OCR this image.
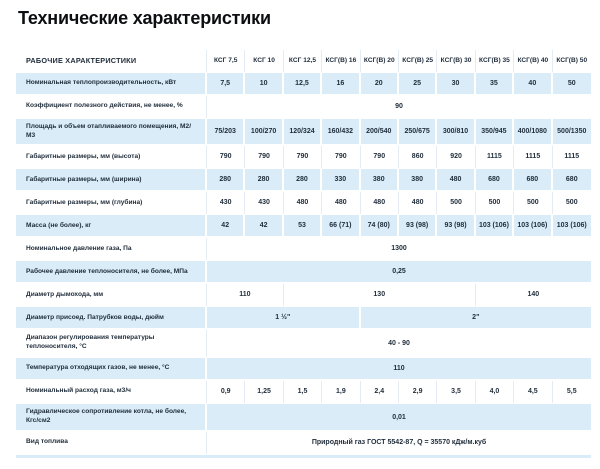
Технические характеристики
РАБОЧИЕ ХАРАКТЕРИСТИКИ	КСГ 7,5	КСГ 10	КСГ 12,5	КСГ(В) 16	КСГ(В) 20	КСГ(В) 25	КСГ(В) 30	КСГ(В) 35	КСГ(В) 40	КСГ(В) 50
Номинальная теплопроизводительность, кВт	7,5	10	12,5	16	20	25	30	35	40	50
Коэффициент полезного действия, не менее, %	90									
Площадь и объем отапливаемого помещения, М2/М3	75/203	100/270	120/324	160/432	200/540	250/675	300/810	350/945	400/1080	500/1350
Габаритные размеры, мм (высота)	790	790	790	790	790	860	920	1115	1115	1115
Габаритные размеры, мм (ширина)	280	280	280	330	380	380	480	680	680	680
Габаритные размеры, мм (глубина)	430	430	480	480	480	480	500	500	500	500
Масса (не более), кг	42	42	53	66 (71)	74 (80)	93 (98)	93 (98)	103 (106)	103 (106)	103 (106)
Номинальное давление газа, Па	1300									
Рабочее давление теплоносителя, не более, МПа	0,25									
Диаметр дымохода, мм	110		130					140		
Диаметр присоед. Патрубков воды, дюйм	1 ½"				2"					
Диапазон регулирования температуры теплоносителя, °С	40 - 90									
Температура отходящих газов, не менее, °С	110									
Номинальный расход газа, м3/ч	0,9	1,25	1,5	1,9	2,4	2,9	3,5	4,0	4,5	5,5
Гидравлическое сопротивление котла, не более, Кгс/см2	0,01									
Вид топлива	Природный газ ГОСТ 5542-87, Q = 35570 кДж/м.куб									
